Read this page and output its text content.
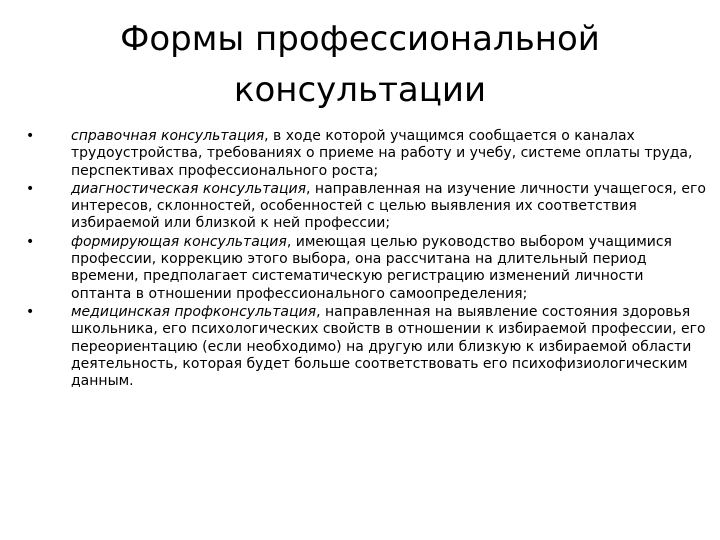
Формы профессиональной
консультации
•	справочная консультация, в ходе которой учащимся сообщается о каналах трудоустройства, требованиях о приеме на работу и учебу, системе оплаты труда, перспективах профессионального роста;
•	диагностическая консультация, направленная на изучение личности учащегося, его интересов, склонностей, особенностей с целью выявления их соответствия избираемой или близкой к ней профессии;
•	формирующая консультация, имеющая целью руководство выбором учащимися профессии, коррекцию этого выбора, она рассчитана на длительный период времени, предполагает систематическую регистрацию изменений личности оптанта в отношении профессионального самоопределения;
•	медицинская профконсультация, направленная на выявление состояния здоровья школьника, его психологических свойств в отношении к избираемой профессии, его переориентацию (если необходимо) на другую или близкую к избираемой области деятельность, которая будет больше соответствовать его психофизиологическим данным.
